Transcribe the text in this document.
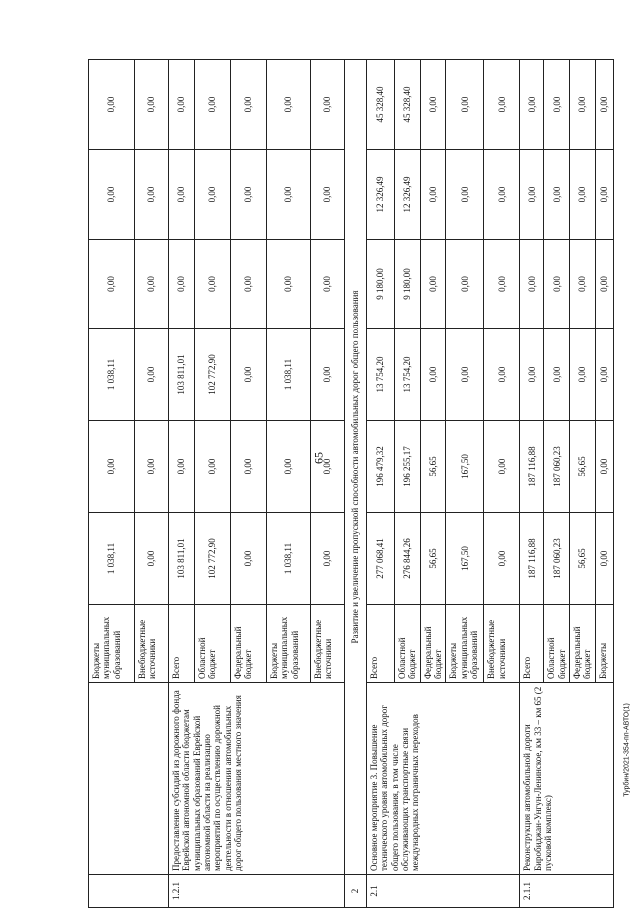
65
		Бюджеты муниципальных образований	1 038,11	0,00	1 038,11	0,00	0,00	0,00
		Внебюджетные источники	0,00	0,00	0,00	0,00	0,00	0,00
1.2.1	Предоставление субсидий из дорожного фонда Еврейской автономной области бюджетам муниципальных образований Еврейской автономной области на реализацию мероприятий по осуществлению дорожной деятельности в отношении автомобильных дорог общего пользования местного значения	Всего	103 811,01	0,00	103 811,01	0,00	0,00	0,00
		Областной бюджет	102 772,90	0,00	102 772,90	0,00	0,00	0,00
		Федеральный бюджет	0,00	0,00	0,00	0,00	0,00	0,00
		Бюджеты муниципальных образований	1 038,11	0,00	1 038,11	0,00	0,00	0,00
		Внебюджетные источники	0,00	0,00	0,00	0,00	0,00	0,00
2	Развитие и увеличение пропускной способности автомобильных дорог общего пользования							
2.1	Основное мероприятие 3. Повышение технического уровня автомобильных дорог общего пользования, в том числе обслуживающих транспортные связи международных пограничных переходов	Всего	277 068,41	196 479,32	13 754,20	9 180,00	12 326,49	45 328,40
		Областной бюджет	276 844,26	196 255,17	13 754,20	9 180,00	12 326,49	45 328,40
		Федеральный бюджет	56,65	56,65	0,00	0,00	0,00	0,00
		Бюджеты муниципальных образований	167,50	167,50	0,00	0,00	0,00	0,00
		Внебюджетные источники	0,00	0,00	0,00	0,00	0,00	0,00
2.1.1	Реконструкция автомобильной дороги Биробиджан-Унгун-Ленинское, км 33 – км 65 (2 пусковой комплекс)	Всего	187 116,88	187 116,88	0,00	0,00	0,00	0,00
		Областной бюджет	187 060,23	187 060,23	0,00	0,00	0,00	0,00
		Федеральный бюджет	56,65	56,65	0,00	0,00	0,00	0,00
		Бюджеты	0,00	0,00	0,00	0,00	0,00	0,00
Турбин/2021-354-пп-АВТО(1)
